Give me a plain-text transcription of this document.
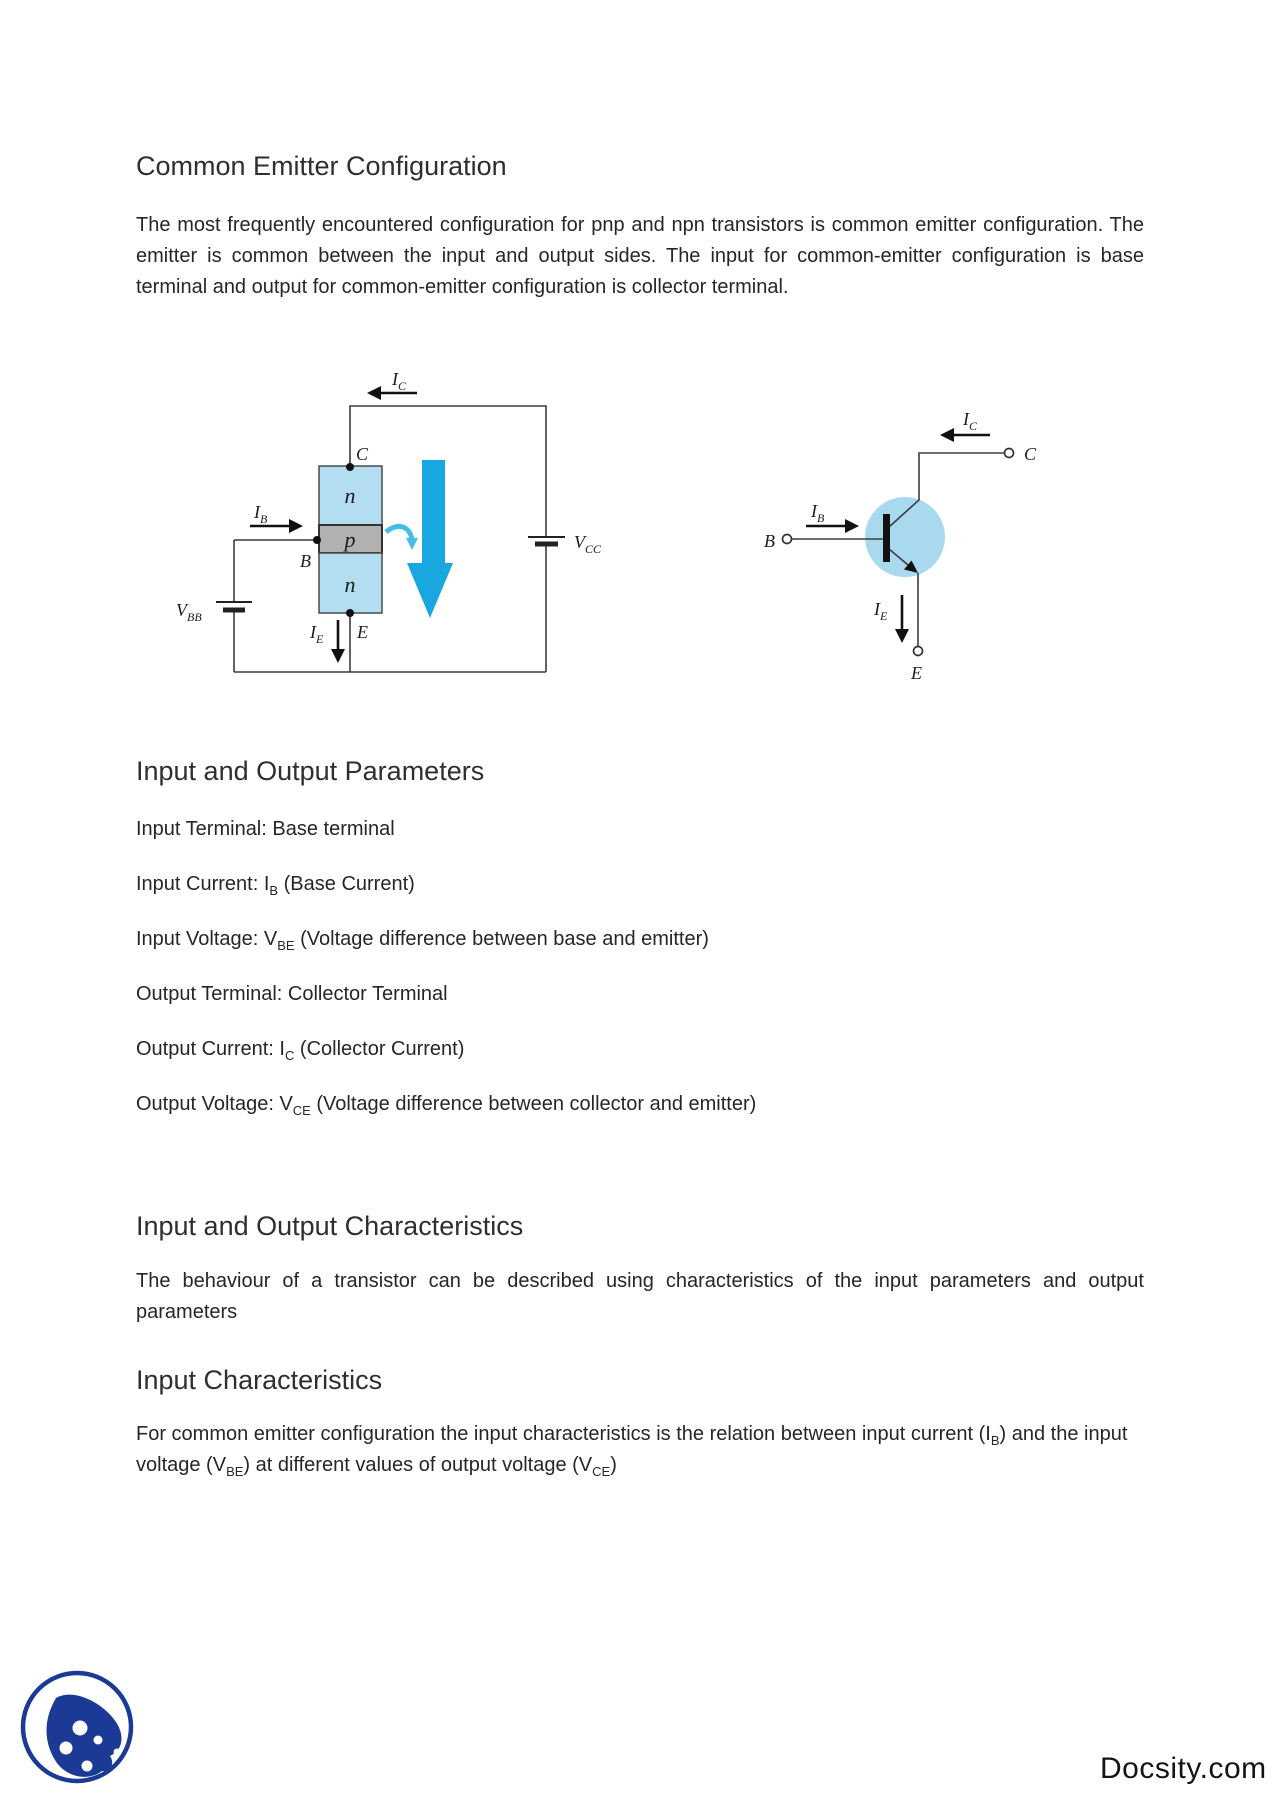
Common Emitter Configuration

The most frequently encountered configuration for pnp and npn transistors is common emitter configuration. The emitter is common between the input and output sides. The input for common-emitter configuration is base terminal and output for common-emitter configuration is collector terminal.

$I_C$
$I_B$
$I_E$
$V_{BB}$
$V_{CC}$
C
B
E
n
p
n
$I_C$
$I_B$
$I_E$
C
B
E
Input and Output Parameters

Input Terminal: Base terminal

Input Current: $I_B$ (Base Current)

Input Voltage: $V_{BE}$ (Voltage difference between base and emitter)

Output Terminal: Collector Terminal

Output Current: $I_C$ (Collector Current)

Output Voltage: $V_{CE}$ (Voltage difference between collector and emitter)

Input and Output Characteristics

The behaviour of a transistor can be described using characteristics of the input parameters and output parameters

Input Characteristics

For common emitter configuration the input characteristics is the relation between input current $(I_B)$ and the input voltage $(V_{BE})$ at different values of output voltage $(V_{CE})$

Docsity.com
